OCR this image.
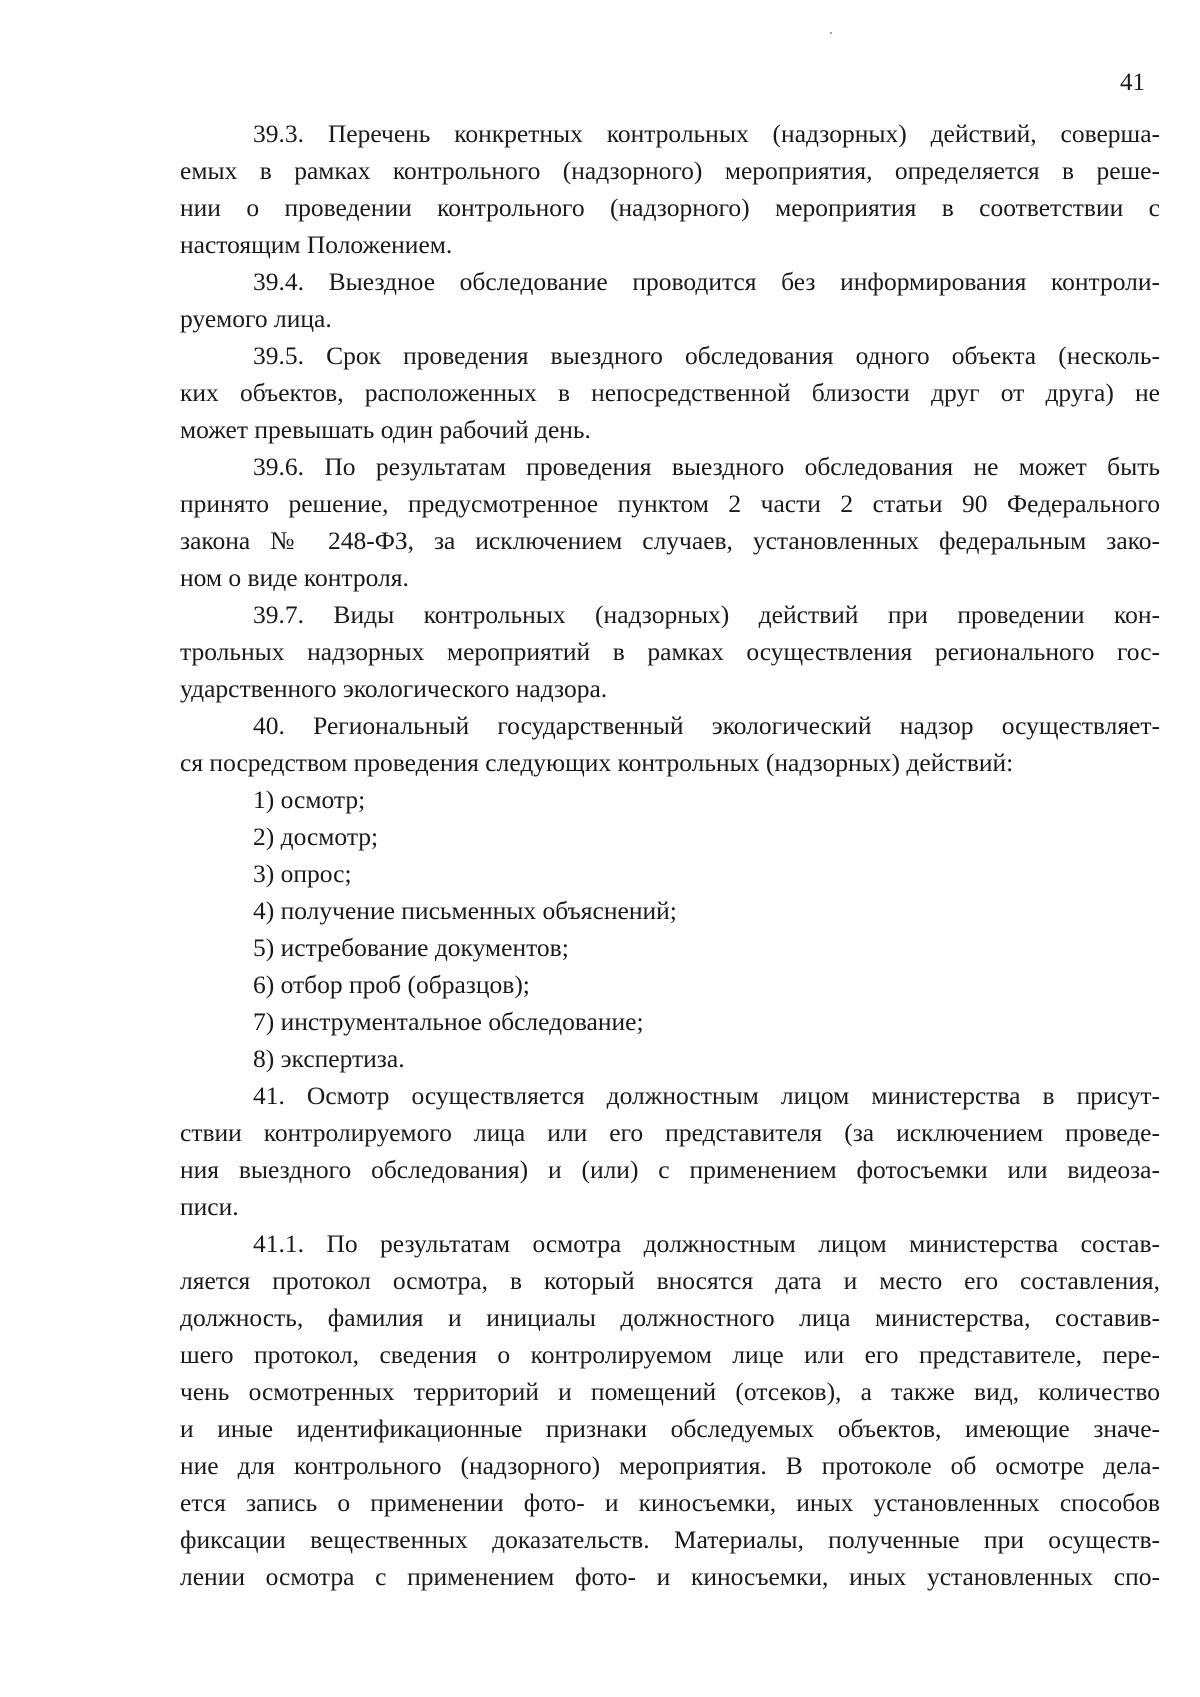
41
39.3. Перечень конкретных контрольных (надзорных) действий, соверша-
емых в рамках контрольного (надзорного) мероприятия, определяется в реше-
нии о проведении контрольного (надзорного) мероприятия в соответствии с
настоящим Положением.
39.4. Выездное обследование проводится без информирования контроли-
руемого лица.
39.5. Срок проведения выездного обследования одного объекта (несколь-
ких объектов, расположенных в непосредственной близости друг от друга) не
может превышать один рабочий день.
39.6. По результатам проведения выездного обследования не может быть
принято решение, предусмотренное пунктом 2 части 2 статьи 90 Федерального
закона № 248-ФЗ, за исключением случаев, установленных федеральным зако-
ном о виде контроля.
39.7. Виды контрольных (надзорных) действий при проведении кон-
трольных надзорных мероприятий в рамках осуществления регионального гос-
ударственного экологического надзора.
40. Региональный государственный экологический надзор осуществляет-
ся посредством проведения следующих контрольных (надзорных) действий:
1) осмотр;
2) досмотр;
3) опрос;
4) получение письменных объяснений;
5) истребование документов;
6) отбор проб (образцов);
7) инструментальное обследование;
8) экспертиза.
41. Осмотр осуществляется должностным лицом министерства в присут-
ствии контролируемого лица или его представителя (за исключением проведе-
ния выездного обследования) и (или) с применением фотосъемки или видеоза-
писи.
41.1. По результатам осмотра должностным лицом министерства состав-
ляется протокол осмотра, в который вносятся дата и место его составления,
должность, фамилия и инициалы должностного лица министерства, составив-
шего протокол, сведения о контролируемом лице или его представителе, пере-
чень осмотренных территорий и помещений (отсеков), а также вид, количество
и иные идентификационные признаки обследуемых объектов, имеющие значе-
ние для контрольного (надзорного) мероприятия. В протоколе об осмотре дела-
ется запись о применении фото- и киносъемки, иных установленных способов
фиксации вещественных доказательств. Материалы, полученные при осуществ-
лении осмотра с применением фото- и киносъемки, иных установленных спо-
